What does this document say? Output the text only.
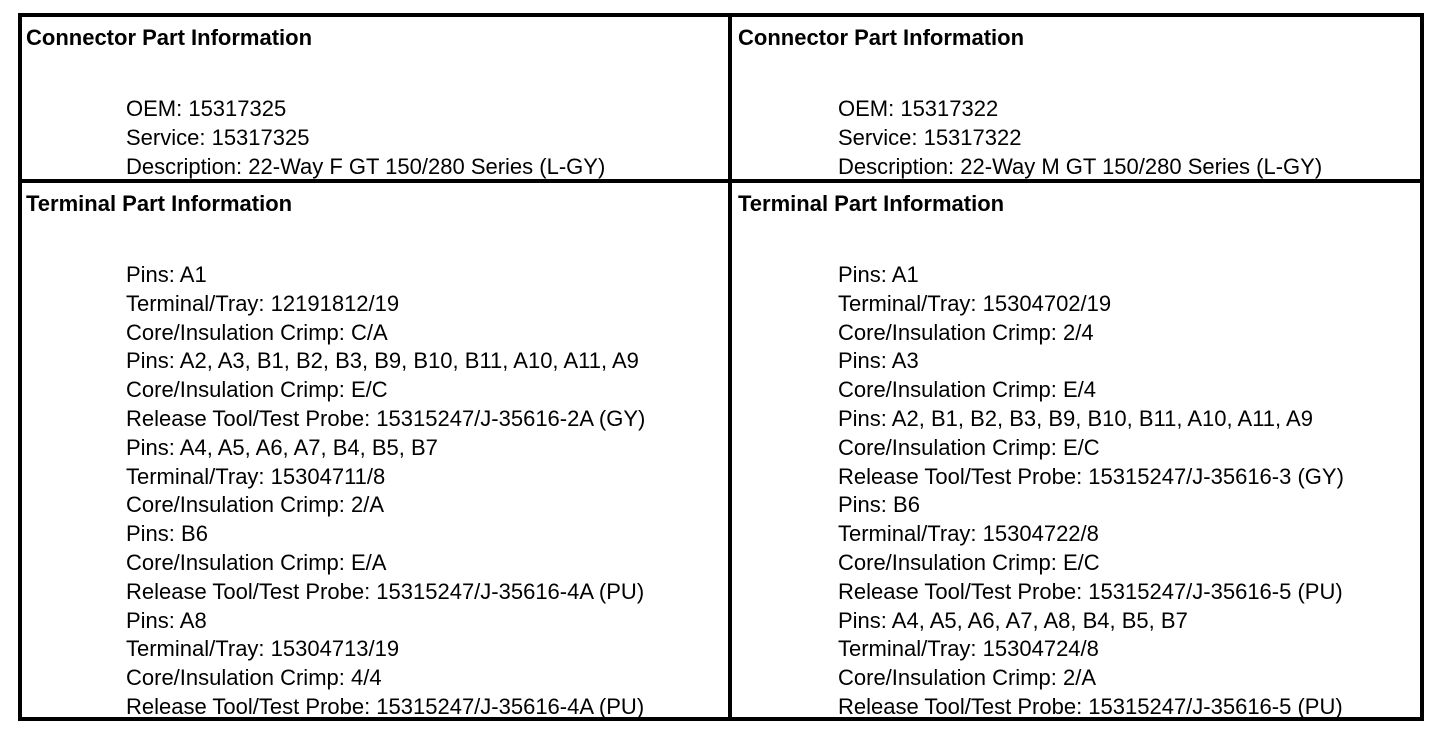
Connector Part Information
OEM: 15317325
Service: 15317325
Description: 22-Way F GT 150/280 Series (L-GY)
Connector Part Information
OEM: 15317322
Service: 15317322
Description: 22-Way M GT 150/280 Series (L-GY)
Terminal Part Information
Pins: A1
Terminal/Tray: 12191812/19
Core/Insulation Crimp: C/A
Pins: A2, A3, B1, B2, B3, B9, B10, B11, A10, A11, A9
Core/Insulation Crimp: E/C
Release Tool/Test Probe: 15315247/J-35616-2A (GY)
Pins: A4, A5, A6, A7, B4, B5, B7
Terminal/Tray: 15304711/8
Core/Insulation Crimp: 2/A
Pins: B6
Core/Insulation Crimp: E/A
Release Tool/Test Probe: 15315247/J-35616-4A (PU)
Pins: A8
Terminal/Tray: 15304713/19
Core/Insulation Crimp: 4/4
Release Tool/Test Probe: 15315247/J-35616-4A (PU)
Terminal Part Information
Pins: A1
Terminal/Tray: 15304702/19
Core/Insulation Crimp: 2/4
Pins: A3
Core/Insulation Crimp: E/4
Pins: A2, B1, B2, B3, B9, B10, B11, A10, A11, A9
Core/Insulation Crimp: E/C
Release Tool/Test Probe: 15315247/J-35616-3 (GY)
Pins: B6
Terminal/Tray: 15304722/8
Core/Insulation Crimp: E/C
Release Tool/Test Probe: 15315247/J-35616-5 (PU)
Pins: A4, A5, A6, A7, A8, B4, B5, B7
Terminal/Tray: 15304724/8
Core/Insulation Crimp: 2/A
Release Tool/Test Probe: 15315247/J-35616-5 (PU)
